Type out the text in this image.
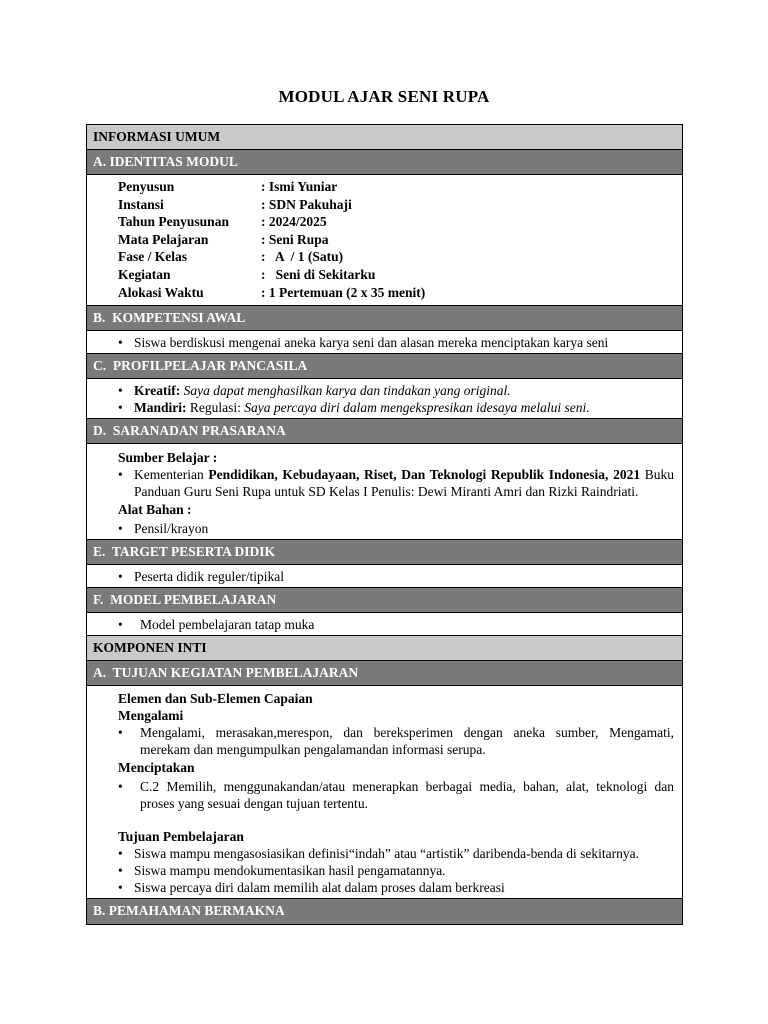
MODUL AJAR SENI RUPA
INFORMASI UMUM
A. IDENTITAS MODUL
Penyusun	: Ismi Yuniar
Instansi	: SDN Pakuhaji
Tahun Penyusunan	: 2024/2025
Mata Pelajaran	: Seni Rupa
Fase / Kelas	:   A  / 1 (Satu)
Kegiatan	:   Seni di Sekitarku
Alokasi Waktu	: 1 Pertemuan (2 x 35 menit)
B.  KOMPETENSI AWAL
• Siswa berdiskusi mengenai aneka karya seni dan alasan mereka menciptakan karya seni
C.  PROFILPELAJAR PANCASILA
• Kreatif: Saya dapat menghasilkan karya dan tindakan yang original.
• Mandiri: Regulasi: Saya percaya diri dalam mengekspresikan idesaya melalui seni.
D.  SARANADAN PRASARANA
Sumber Belajar :
• Kementerian Pendidikan, Kebudayaan, Riset, Dan Teknologi Republik Indonesia, 2021 Buku Panduan Guru Seni Rupa untuk SD Kelas I Penulis: Dewi Miranti Amri dan Rizki Raindriati.
Alat Bahan :
• Pensil/krayon
E.  TARGET PESERTA DIDIK
• Peserta didik reguler/tipikal
F.  MODEL PEMBELAJARAN
• Model pembelajaran tatap muka
KOMPONEN INTI
A.  TUJUAN KEGIATAN PEMBELAJARAN
Elemen dan Sub-Elemen Capaian
Mengalami
• Mengalami, merasakan,merespon, dan bereksperimen dengan aneka sumber, Mengamati, merekam dan mengumpulkan pengalamandan informasi serupa.
Menciptakan
• C.2 Memilih, menggunakandan/atau menerapkan berbagai media, bahan, alat, teknologi dan proses yang sesuai dengan tujuan tertentu.
Tujuan Pembelajaran
• Siswa mampu mengasosiasikan definisi“indah” atau “artistik” daribenda-benda di sekitarnya.
• Siswa mampu mendokumentasikan hasil pengamatannya.
• Siswa percaya diri dalam memilih alat dalam proses dalam berkreasi
B. PEMAHAMAN BERMAKNA
